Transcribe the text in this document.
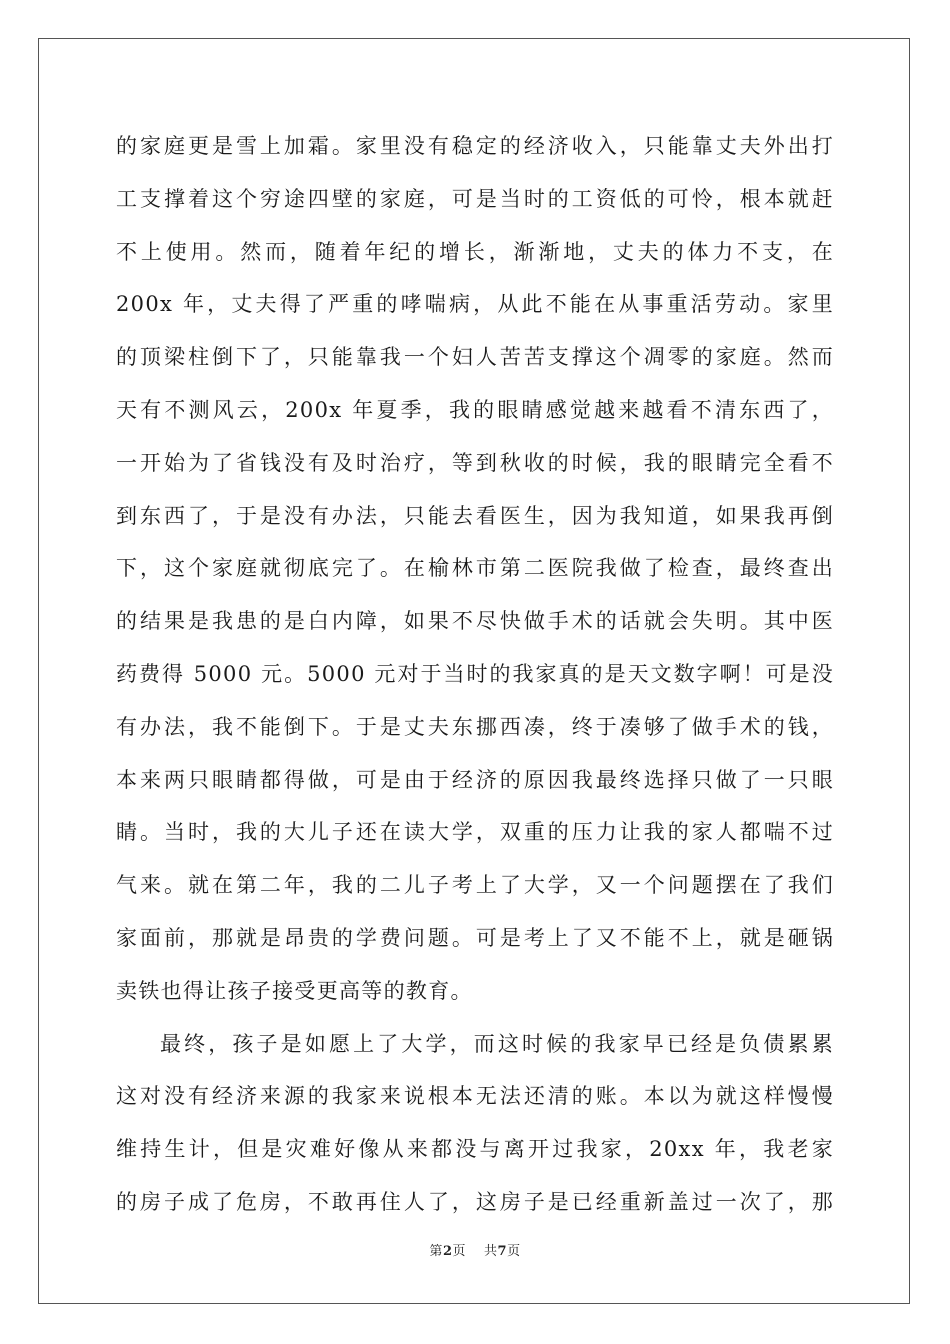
的家庭更是雪上加霜。家里没有稳定的经济收入，只能靠丈夫外出打
工支撑着这个穷途四壁的家庭，可是当时的工资低的可怜，根本就赶
不上使用。然而，随着年纪的增长，渐渐地，丈夫的体力不支，在
200x 年，丈夫得了严重的哮喘病，从此不能在从事重活劳动。家里
的顶梁柱倒下了，只能靠我一个妇人苦苦支撑这个凋零的家庭。然而
天有不测风云，200x 年夏季，我的眼睛感觉越来越看不清东西了，
一开始为了省钱没有及时治疗，等到秋收的时候，我的眼睛完全看不
到东西了，于是没有办法，只能去看医生，因为我知道，如果我再倒
下，这个家庭就彻底完了。在榆林市第二医院我做了检查，最终查出
的结果是我患的是白内障，如果不尽快做手术的话就会失明。其中医
药费得 5000 元。5000 元对于当时的我家真的是天文数字啊！可是没
有办法，我不能倒下。于是丈夫东挪西凑，终于凑够了做手术的钱，
本来两只眼睛都得做，可是由于经济的原因我最终选择只做了一只眼
睛。当时，我的大儿子还在读大学，双重的压力让我的家人都喘不过
气来。就在第二年，我的二儿子考上了大学，又一个问题摆在了我们
家面前，那就是昂贵的学费问题。可是考上了又不能不上，就是砸锅
卖铁也得让孩子接受更高等的教育。
最终，孩子是如愿上了大学，而这时候的我家早已经是负债累累
这对没有经济来源的我家来说根本无法还清的账。本以为就这样慢慢
维持生计，但是灾难好像从来都没与离开过我家，20xx 年，我老家
的房子成了危房，不敢再住人了，这房子是已经重新盖过一次了，那
第2页 共7页
